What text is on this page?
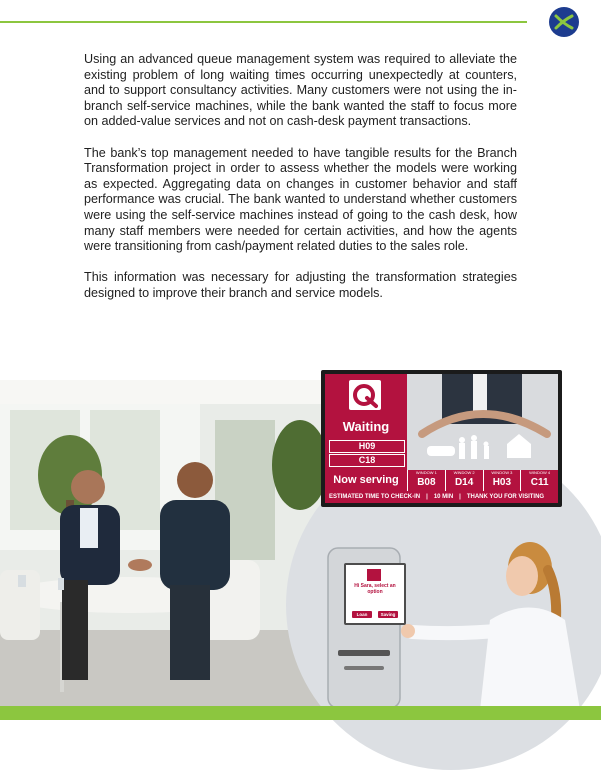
Using an advanced queue management system was required to alleviate the existing problem of long waiting times occurring unexpectedly at counters, and to support consultancy activities. Many customers were not using the in-branch self-service machines, while the bank wanted the staff to focus more on added-value services and not on cash-desk payment transactions.

The bank’s top management needed to have tangible results for the Branch Transformation project in order to assess whether the models were working as expected. Aggregating data on changes in customer behavior and staff performance was crucial. The bank wanted to understand whether customers were using the self-service machines instead of going to the cash desk, how many staff members were needed for certain activities, and how the agents were transitioning from cash/payment related duties to the sales role.

This information was necessary for adjusting the transformation strategies designed to improve their branch and service models.

Hi Sara, select an option
Loan	Saving
Waiting
H09
C18
Now serving
WINDOW 1
B08
WINDOW 2
D14
WINDOW 3
H03
WINDOW 4
C11
ESTIMATED TIME TO CHECK-IN | 10 MIN | THANK YOU FOR VISITING
